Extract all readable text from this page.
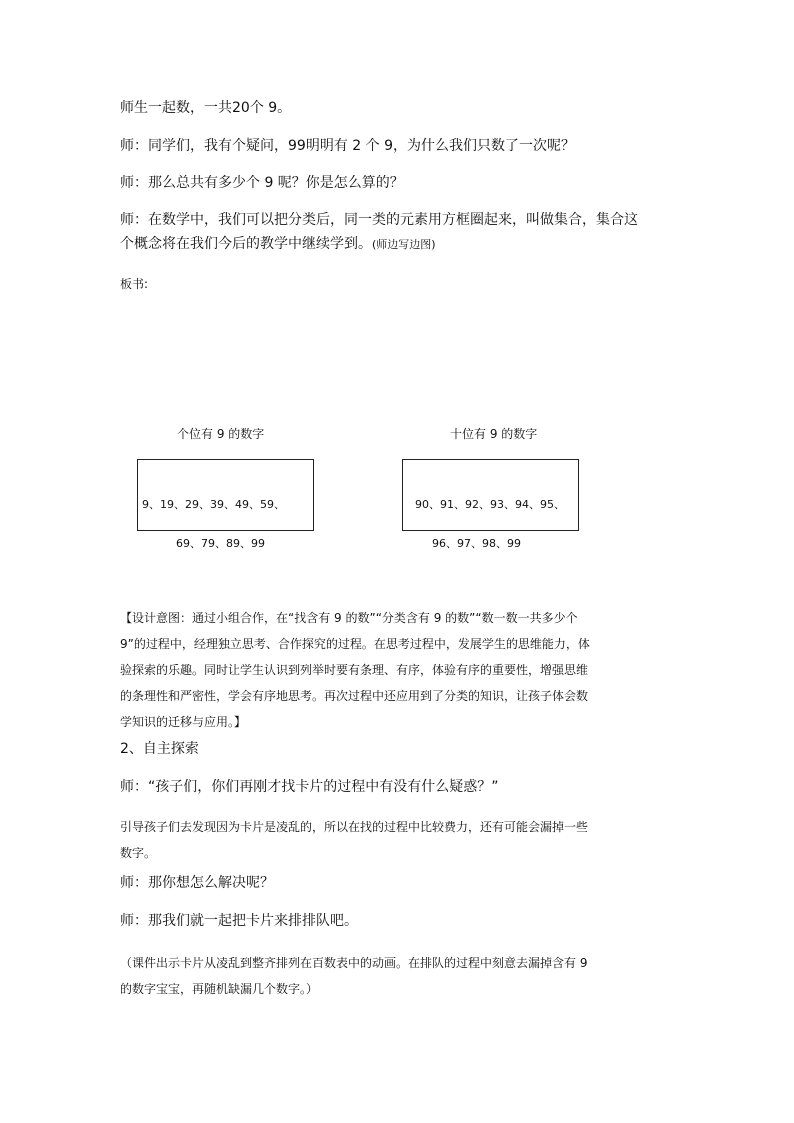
师生一起数，一共20个 9。
师：同学们，我有个疑问，99明明有 2 个 9，为什么我们只数了一次呢？
师：那么总共有多少个 9 呢？你是怎么算的？
师：在数学中，我们可以把分类后，同一类的元素用方框圈起来，叫做集合，集合这
个概念将在我们今后的教学中继续学到。(师边写边图)
板书:
个位有 9 的数字
9、19、29、39、49、59、
69、79、89、99
十位有 9 的数字
90、91、92、93、94、95、
96、97、98、99
【设计意图：通过小组合作，在“找含有 9 的数”“分类含有 9 的数”“数一数一共多少个
9”的过程中，经理独立思考、合作探究的过程。在思考过程中，发展学生的思维能力，体
验探索的乐趣。同时让学生认识到列举时要有条理、有序，体验有序的重要性，增强思维
的条理性和严密性，学会有序地思考。再次过程中还应用到了分类的知识，让孩子体会数
学知识的迁移与应用。】
2、自主探索
师：“孩子们，你们再刚才找卡片的过程中有没有什么疑惑？”
引导孩子们去发现因为卡片是凌乱的，所以在找的过程中比较费力，还有可能会漏掉一些
数字。
师：那你想怎么解决呢？
师：那我们就一起把卡片来排排队吧。
（课件出示卡片从凌乱到整齐排列在百数表中的动画。在排队的过程中刻意去漏掉含有 9
的数字宝宝，再随机缺漏几个数字。）
